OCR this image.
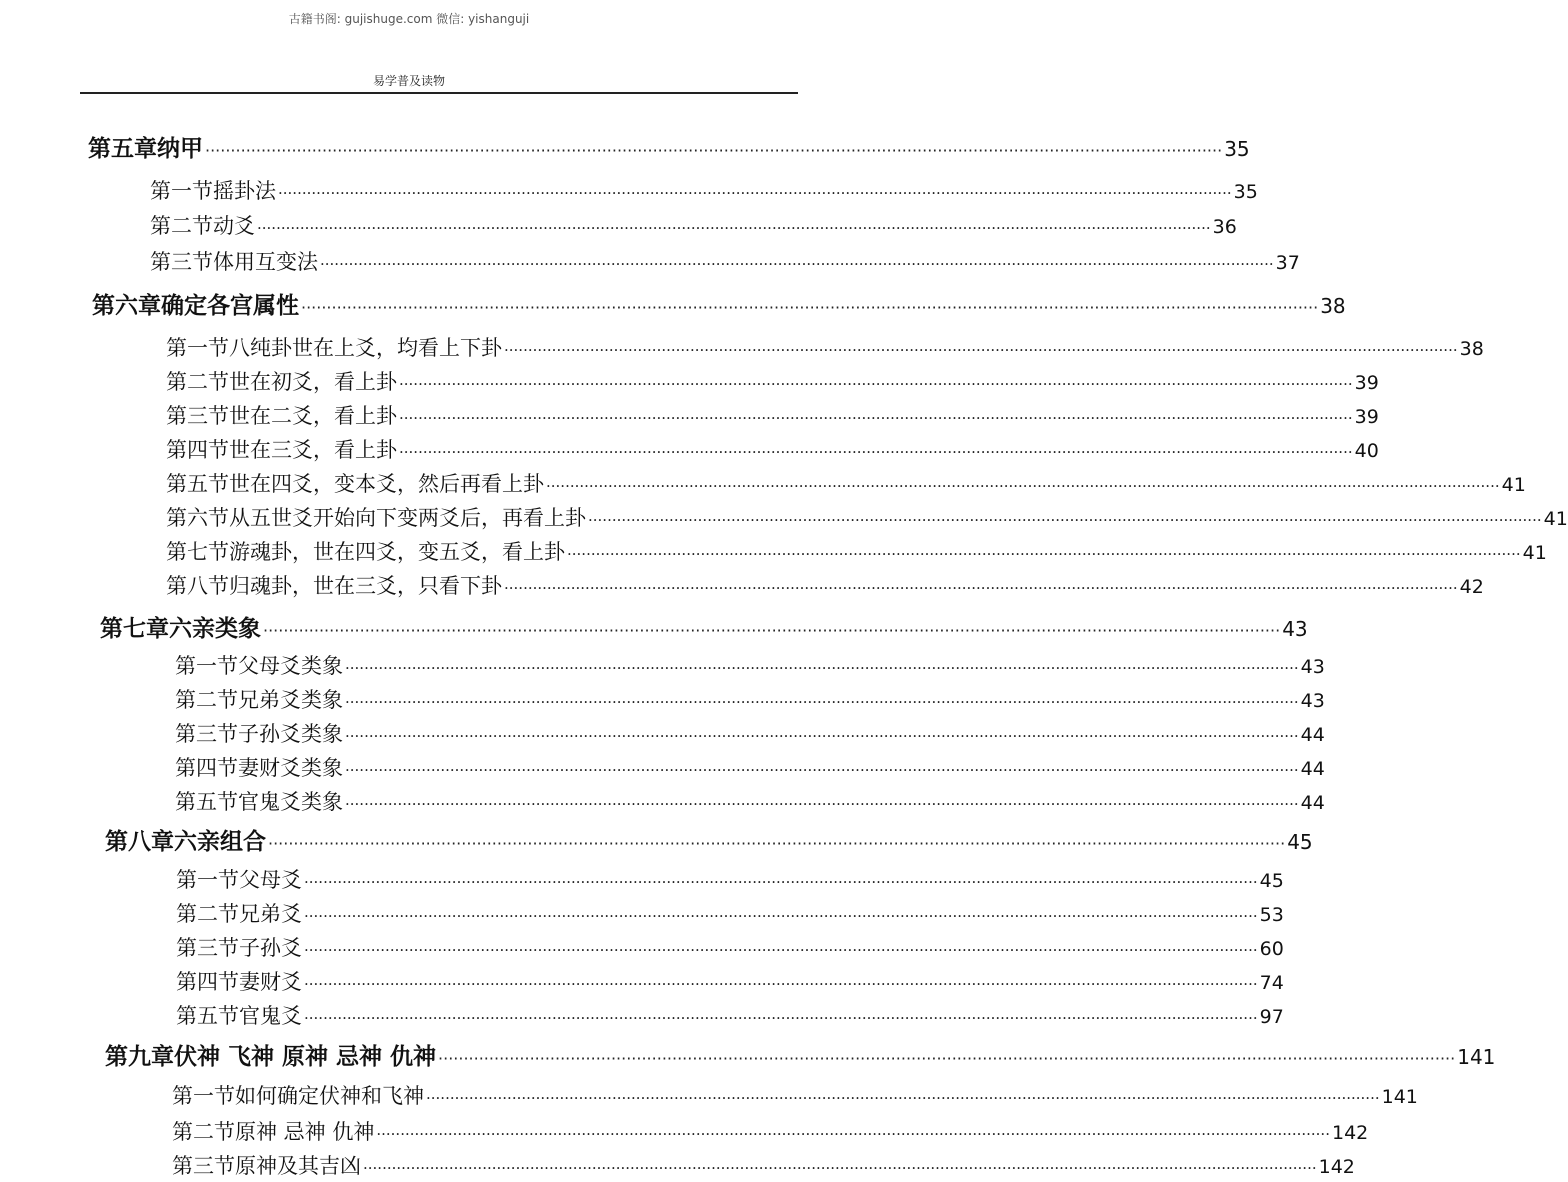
古籍书阁: gujishuge.com 微信: yishanguji
易学普及读物
第五章 纳甲 ········································································································································································································ 35
第一节 摇卦法 ········································································································································································································ 35
第二节 动爻 ········································································································································································································ 36
第三节 体用互变法 ········································································································································································································ 37
第六章 确定各宫属性 ········································································································································································································ 38
第一节 八纯卦世在上爻，均看上下卦 ········································································································································································································ 38
第二节 世在初爻，看上卦 ········································································································································································································ 39
第三节 世在二爻，看上卦 ········································································································································································································ 39
第四节 世在三爻，看上卦 ········································································································································································································ 40
第五节 世在四爻，变本爻，然后再看上卦 ········································································································································································································ 41
第六节 从五世爻开始向下变两爻后，再看上卦 ········································································································································································································ 41
第七节 游魂卦，世在四爻，变五爻，看上卦 ········································································································································································································ 41
第八节 归魂卦，世在三爻，只看下卦 ········································································································································································································ 42
第七章 六亲类象 ········································································································································································································ 43
第一节 父母爻类象 ········································································································································································································ 43
第二节 兄弟爻类象 ········································································································································································································ 43
第三节 子孙爻类象 ········································································································································································································ 44
第四节 妻财爻类象 ········································································································································································································ 44
第五节 官鬼爻类象 ········································································································································································································ 44
第八章 六亲组合 ········································································································································································································ 45
第一节 父母爻 ········································································································································································································ 45
第二节 兄弟爻 ········································································································································································································ 53
第三节 子孙爻 ········································································································································································································ 60
第四节 妻财爻 ········································································································································································································ 74
第五节 官鬼爻 ········································································································································································································ 97
第九章 伏神 飞神 原神 忌神 仇神 ········································································································································································································ 141
第一节 如何确定伏神和飞神 ········································································································································································································ 141
第二节 原神 忌神 仇神 ········································································································································································································ 142
第三节 原神及其吉凶 ········································································································································································································ 142
